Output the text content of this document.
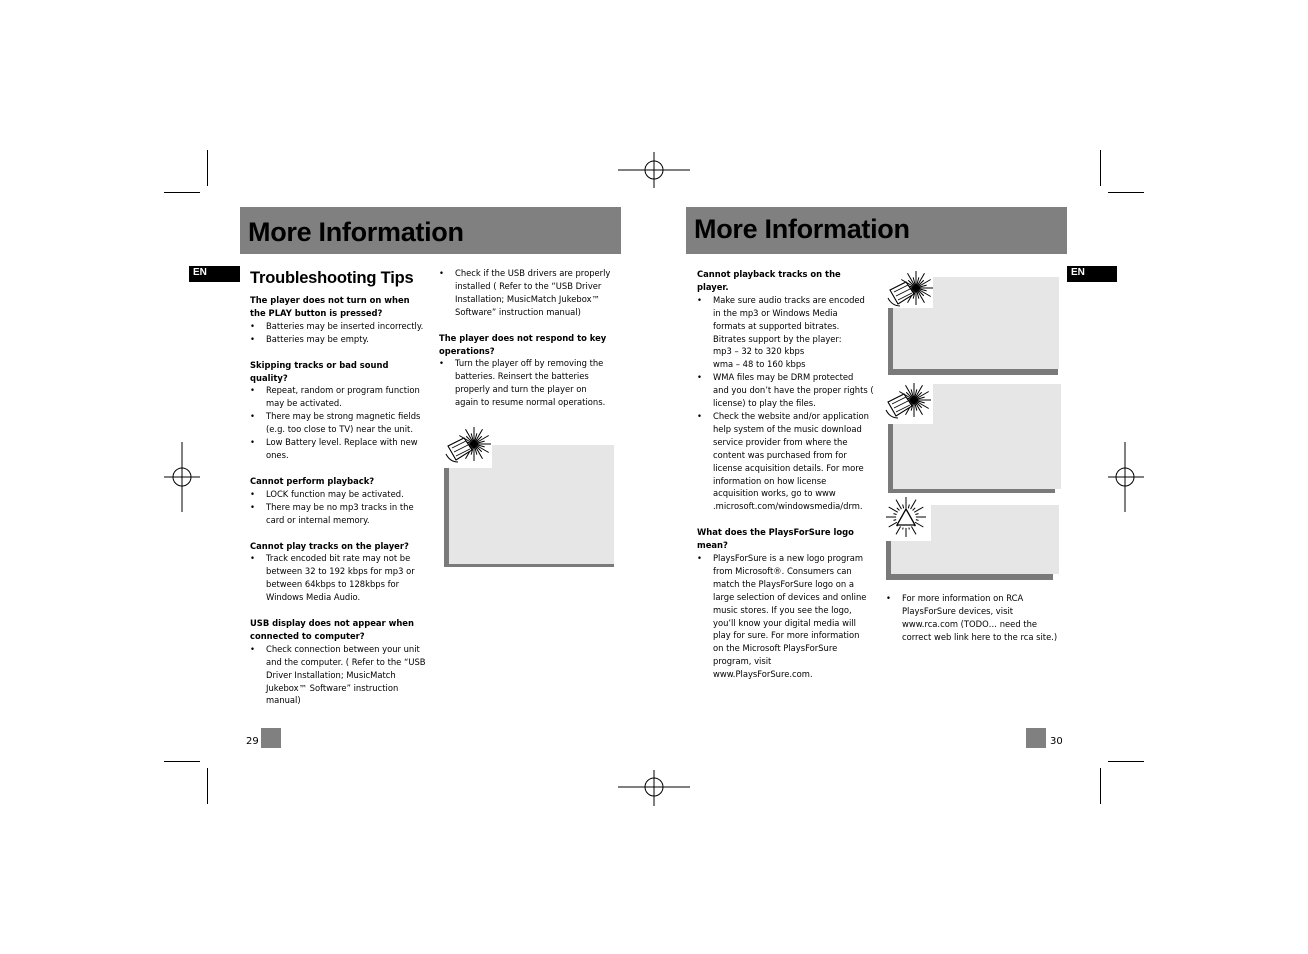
More Information
EN	Troubleshooting Tips
The player does not turn on when
the PLAY button is pressed?
• Batteries may be inserted incorrectly.
• Batteries may be empty.
Skipping tracks or bad sound
quality?
• Repeat, random or program function
may be activated.
• There may be strong magnetic fields
(e.g. too close to TV) near the unit.
• Low Battery level. Replace with new
ones.
Cannot perform playback?
• LOCK function may be activated.
• There may be no mp3 tracks in the
card or internal memory.
Cannot play tracks on the player?
• Track encoded bit rate may not be
between 32 to 192 kbps for mp3 or
between 64kbps to 128kbps for
Windows Media Audio.
USB display does not appear when
connected to computer?
• Check connection between your unit
and the computer. ( Refer to the “USB
Driver Installation; MusicMatch
Jukebox™ Software” instruction
manual)
• Check if the USB drivers are properly
installed ( Refer to the “USB Driver
Installation; MusicMatch Jukebox™
Software” instruction manual)
The player does not respond to key
operations?
• Turn the player off by removing the
batteries. Reinsert the batteries
properly and turn the player on
again to resume normal operations.
29
More Information
EN
Cannot playback tracks on the
player.
• Make sure audio tracks are encoded
in the mp3 or Windows Media
formats at supported bitrates.
Bitrates support by the player:
mp3 – 32 to 320 kbps
wma – 48 to 160 kbps
• WMA files may be DRM protected
and you don’t have the proper rights (
license) to play the files.
• Check the website and/or application
help system of the music download
service provider from where the
content was purchased from for
license acquisition details. For more
information on how license
acquisition works, go to www
.microsoft.com/windowsmedia/drm.
What does the PlaysForSure logo
mean?
• PlaysForSure is a new logo program
from Microsoft®. Consumers can
match the PlaysForSure logo on a
large selection of devices and online
music stores. If you see the logo,
you’ll know your digital media will
play for sure. For more information
on the Microsoft PlaysForSure
program, visit
www.PlaysForSure.com.
• For more information on RCA
PlaysForSure devices, visit
www.rca.com (TODO… need the
correct web link here to the rca site.)
30
